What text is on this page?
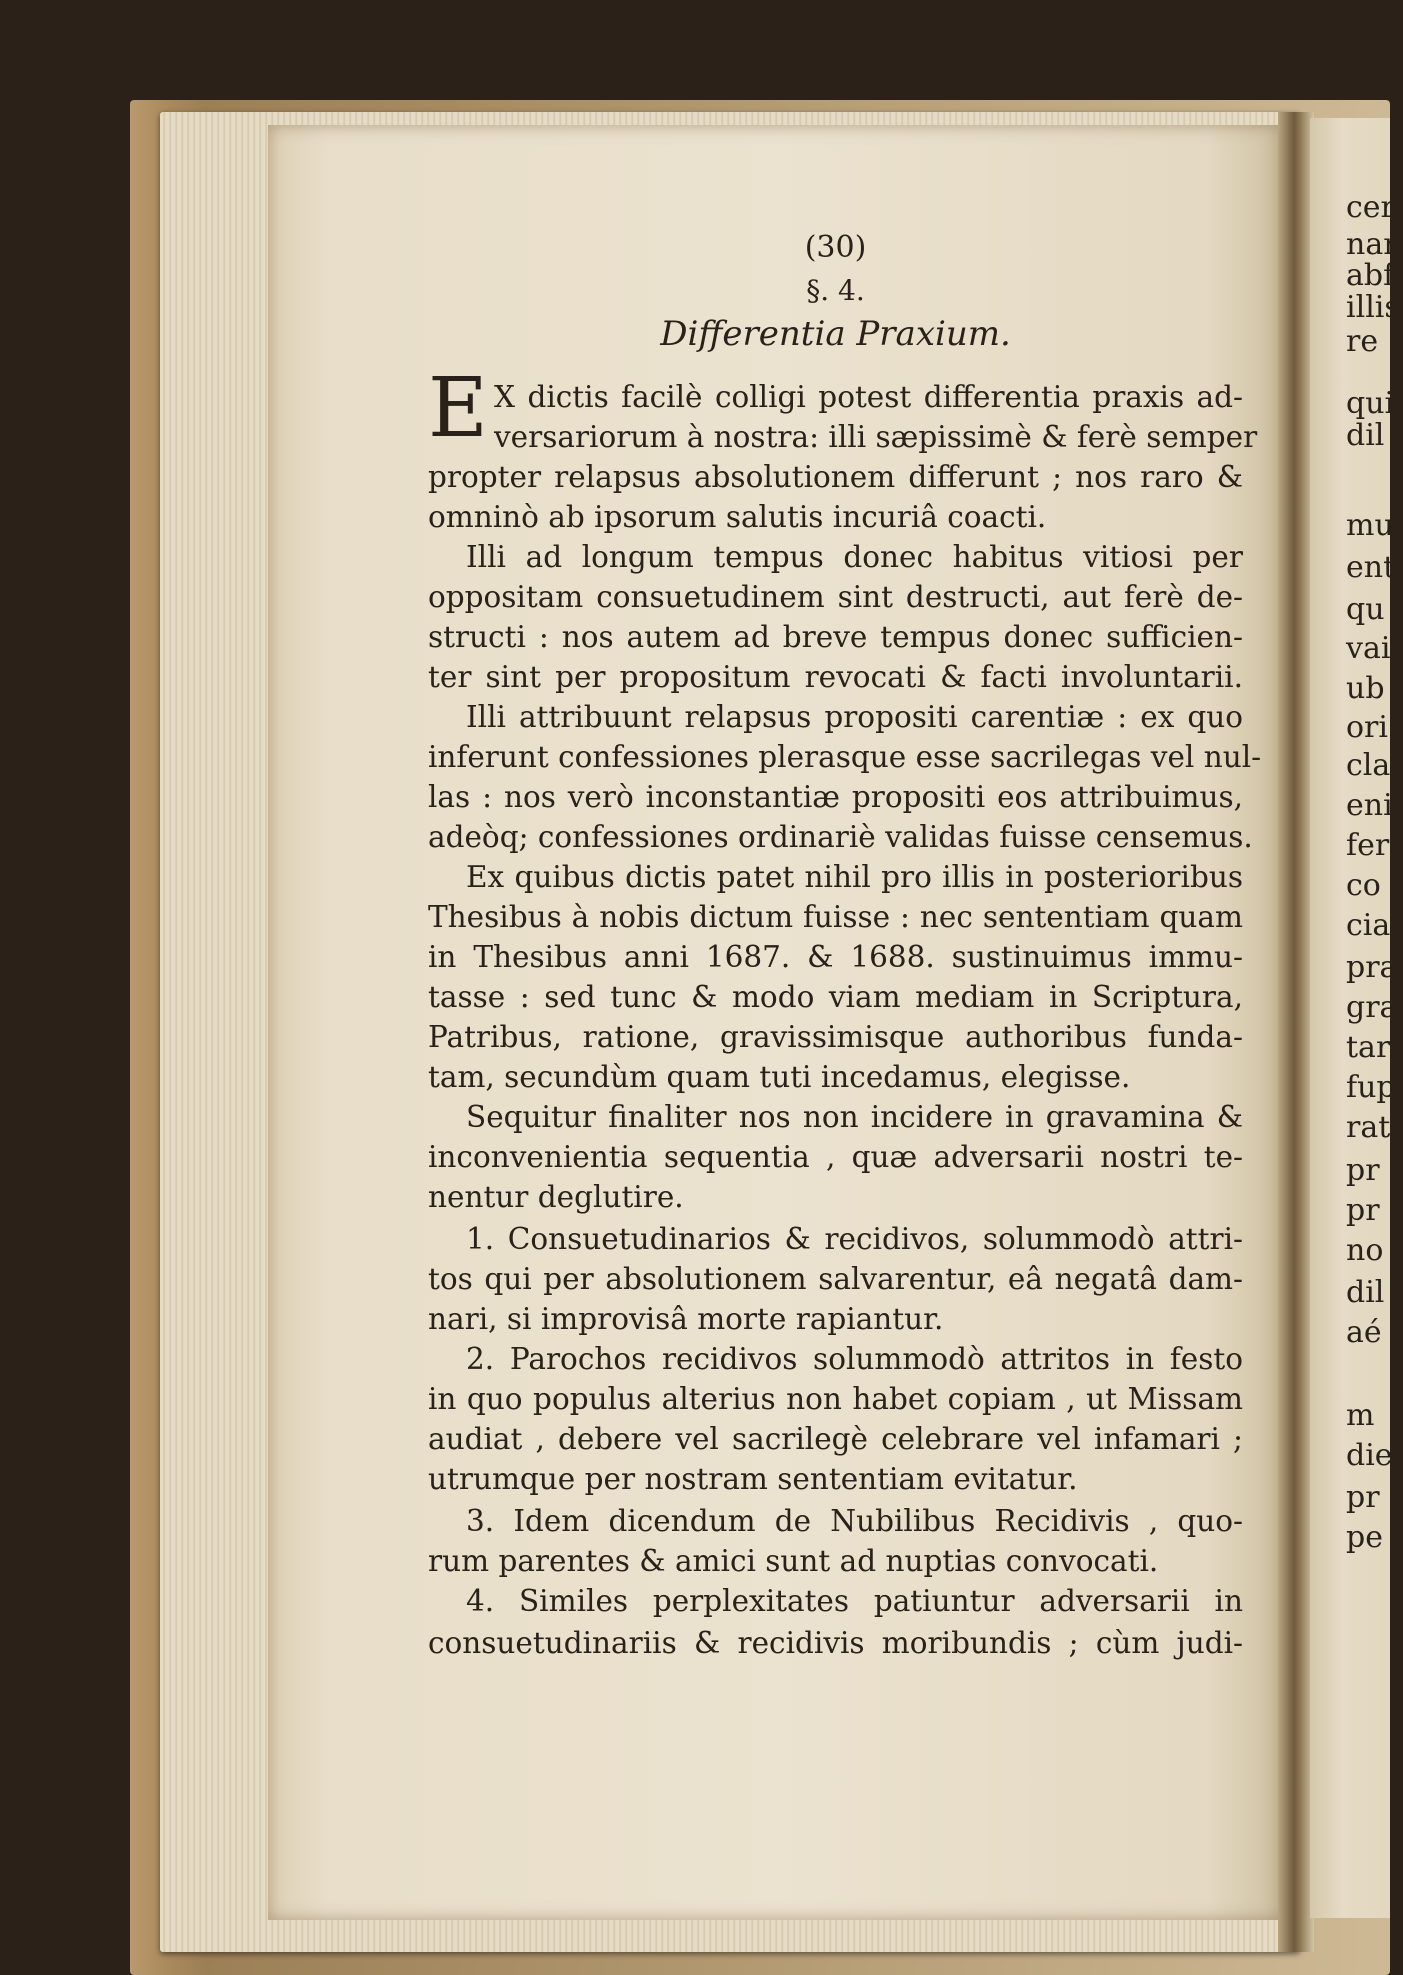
cer
nan
abf
illis
re
qui
dil
mu
ent
qu
vai
ub
ori
cla
eni
fer
co
cia
pra
gra
tar
fup
rat
pr
pr
no
dil
aé
m
die
pr
pe
(30)
§. 4.
Differentia Praxium.
E X dictis facilè colligi potest differentia praxis ad-
versariorum à nostra: illi sæpissimè & ferè semper
propter relapsus absolutionem differunt ; nos raro &
omninò ab ipsorum salutis incuriâ coacti.
Illi ad longum tempus donec habitus vitiosi per
oppositam consuetudinem sint destructi, aut ferè de-
structi : nos autem ad breve tempus donec sufficien-
ter sint per propositum revocati & facti involuntarii.
Illi attribuunt relapsus propositi carentiæ : ex quo
inferunt confessiones plerasque esse sacrilegas vel nul-
las : nos verò inconstantiæ propositi eos attribuimus,
adeòq; confessiones ordinariè validas fuisse censemus.
Ex quibus dictis patet nihil pro illis in posterioribus
Thesibus à nobis dictum fuisse : nec sententiam quam
in Thesibus anni 1687. & 1688. sustinuimus immu-
tasse : sed tunc & modo viam mediam in Scriptura,
Patribus, ratione, gravissimisque authoribus funda-
tam, secundùm quam tuti incedamus, elegisse.
Sequitur finaliter nos non incidere in gravamina &
inconvenientia sequentia , quæ adversarii nostri te-
nentur deglutire.
1. Consuetudinarios & recidivos, solummodò attri-
tos qui per absolutionem salvarentur, eâ negatâ dam-
nari, si improvisâ morte rapiantur.
2. Parochos recidivos solummodò attritos in festo
in quo populus alterius non habet copiam , ut Missam
audiat , debere vel sacrilegè celebrare vel infamari ;
utrumque per nostram sententiam evitatur.
3. Idem dicendum de Nubilibus Recidivis , quo-
rum parentes & amici sunt ad nuptias convocati.
4. Similes perplexitates patiuntur adversarii in
consuetudinariis & recidivis moribundis ; cùm judi-
